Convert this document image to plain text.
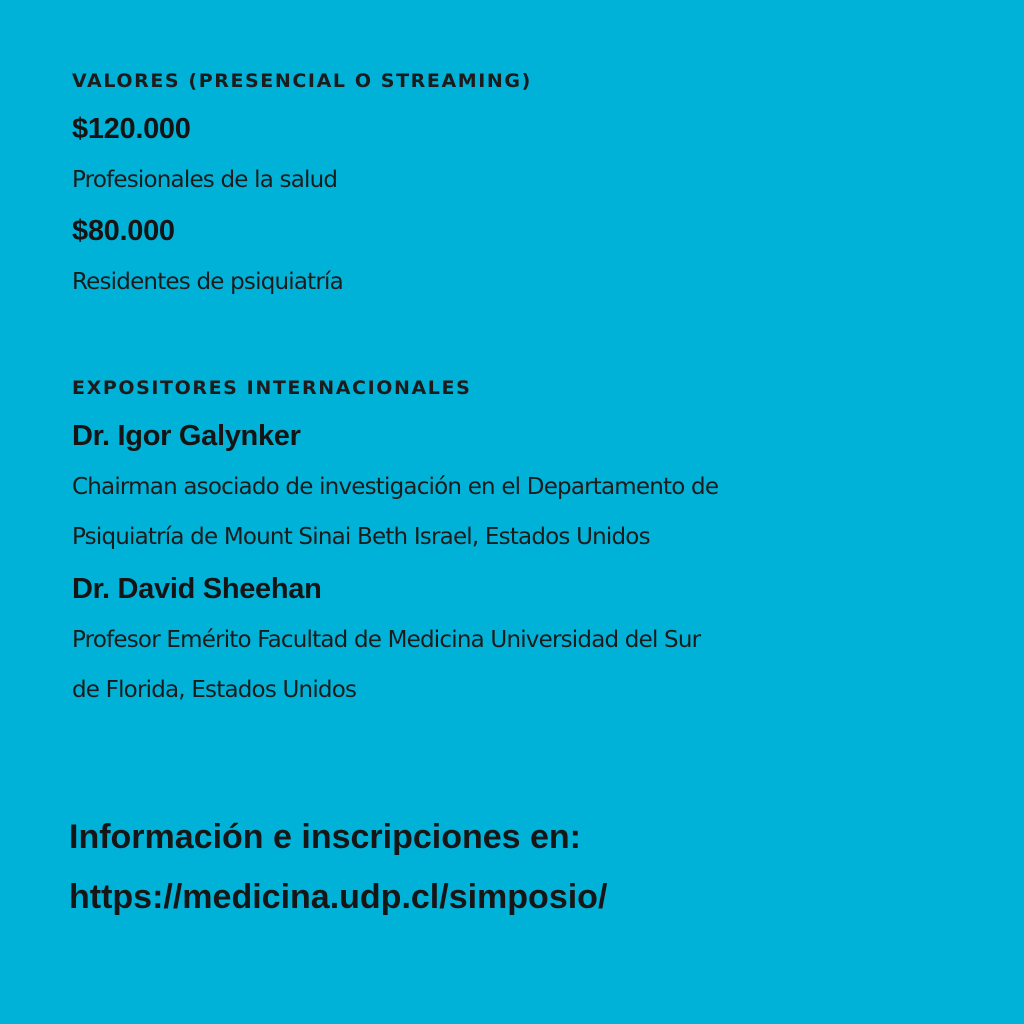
VALORES (PRESENCIAL O STREAMING)
$120.000
Profesionales de la salud
$80.000
Residentes de psiquiatría
EXPOSITORES INTERNACIONALES
Dr. Igor Galynker
Chairman asociado de investigación en el Departamento de
Psiquiatría de Mount Sinai Beth Israel, Estados Unidos
Dr. David Sheehan
Profesor Emérito Facultad de Medicina Universidad del Sur
de Florida, Estados Unidos
Información e inscripciones en:
https://medicina.udp.cl/simposio/
